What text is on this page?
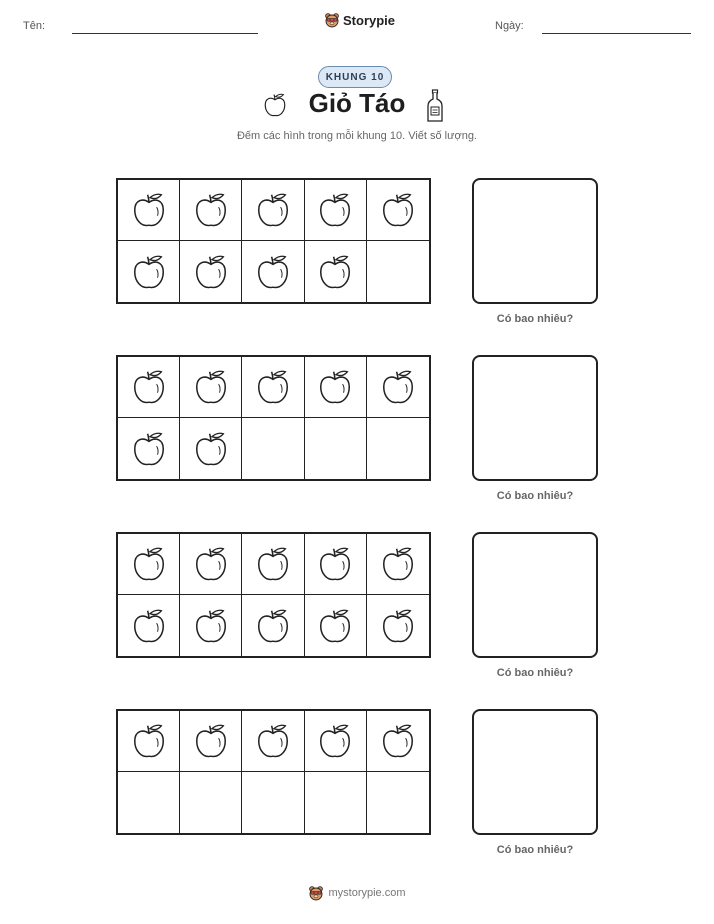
Tên:	Storypie	Ngày:
KHUNG 10
Giỏ Táo
Đếm các hình trong mỗi khung 10. Viết số lượng.
Có bao nhiêu?
Có bao nhiêu?
Có bao nhiêu?
Có bao nhiêu?
mystorypie.com
